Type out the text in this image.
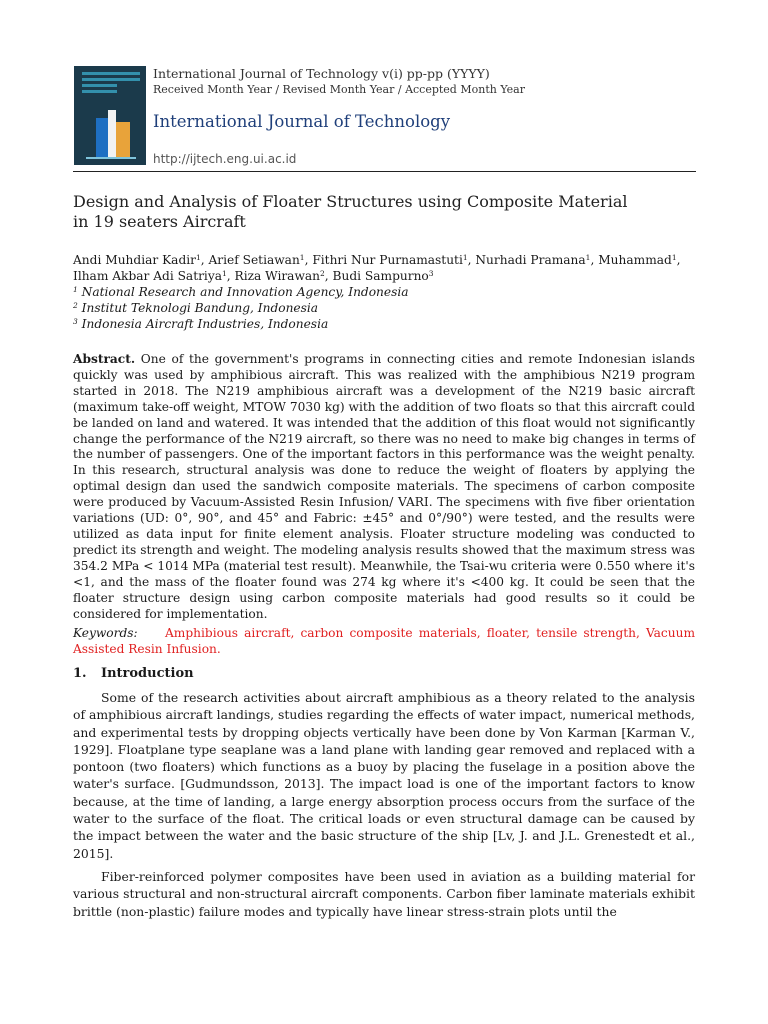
International Journal of Technology v(i) pp-pp (YYYY)
Received Month Year / Revised Month Year / Accepted Month Year
International Journal of Technology
http://ijtech.eng.ui.ac.id
Design and Analysis of Floater Structures using Composite Material
in 19 seaters Aircraft
Andi Muhdiar Kadir$^1$, Arief Setiawan$^1$, Fithri Nur Purnamastuti$^1$, Nurhadi Pramana$^1$, Muhammad$^1$,
Ilham Akbar Adi Satriya$^1$, Riza Wirawan$^2$, Budi Sampurno$^3$
$^1$ National Research and Innovation Agency, Indonesia
$^2$ Institut Teknologi Bandung, Indonesia
$^3$ Indonesia Aircraft Industries, Indonesia
Abstract. One of the government's programs in connecting cities and remote Indonesian islands quickly was used by amphibious aircraft. This was realized with the amphibious N219 program started in 2018. The N219 amphibious aircraft was a development of the N219 basic aircraft (maximum take-off weight, MTOW 7030 kg) with the addition of two floats so that this aircraft could be landed on land and watered. It was intended that the addition of this float would not significantly change the performance of the N219 aircraft, so there was no need to make big changes in terms of the number of passengers. One of the important factors in this performance was the weight penalty. In this research, structural analysis was done to reduce the weight of floaters by applying the optimal design dan used the sandwich composite materials. The specimens of carbon composite were produced by Vacuum-Assisted Resin Infusion/ VARI. The specimens with five fiber orientation variations (UD: 0°, 90°, and 45° and Fabric: ±45° and 0°/90°) were tested, and the results were utilized as data input for finite element analysis. Floater structure modeling was conducted to predict its strength and weight. The modeling analysis results showed that the maximum stress was 354.2 MPa < 1014 MPa (material test result). Meanwhile, the Tsai-wu criteria were 0.550 where it's <1, and the mass of the floater found was 274 kg where it's <400 kg. It could be seen that the floater structure design using carbon composite materials had good results so it could be considered for implementation.
Keywords: Amphibious aircraft, carbon composite materials, floater, tensile strength, Vacuum Assisted Resin Infusion.
1. Introduction
Some of the research activities about aircraft amphibious as a theory related to the analysis of amphibious aircraft landings, studies regarding the effects of water impact, numerical methods, and experimental tests by dropping objects vertically have been done by Von Karman [Karman V., 1929]. Floatplane type seaplane was a land plane with landing gear removed and replaced with a pontoon (two floaters) which functions as a buoy by placing the fuselage in a position above the water's surface. [Gudmundsson, 2013]. The impact load is one of the important factors to know because, at the time of landing, a large energy absorption process occurs from the surface of the water to the surface of the float. The critical loads or even structural damage can be caused by the impact between the water and the basic structure of the ship [Lv, J. and J.L. Grenestedt et al., 2015].
Fiber-reinforced polymer composites have been used in aviation as a building material for various structural and non-structural aircraft components. Carbon fiber laminate materials exhibit brittle (non-plastic) failure modes and typically have linear stress-strain plots until the
